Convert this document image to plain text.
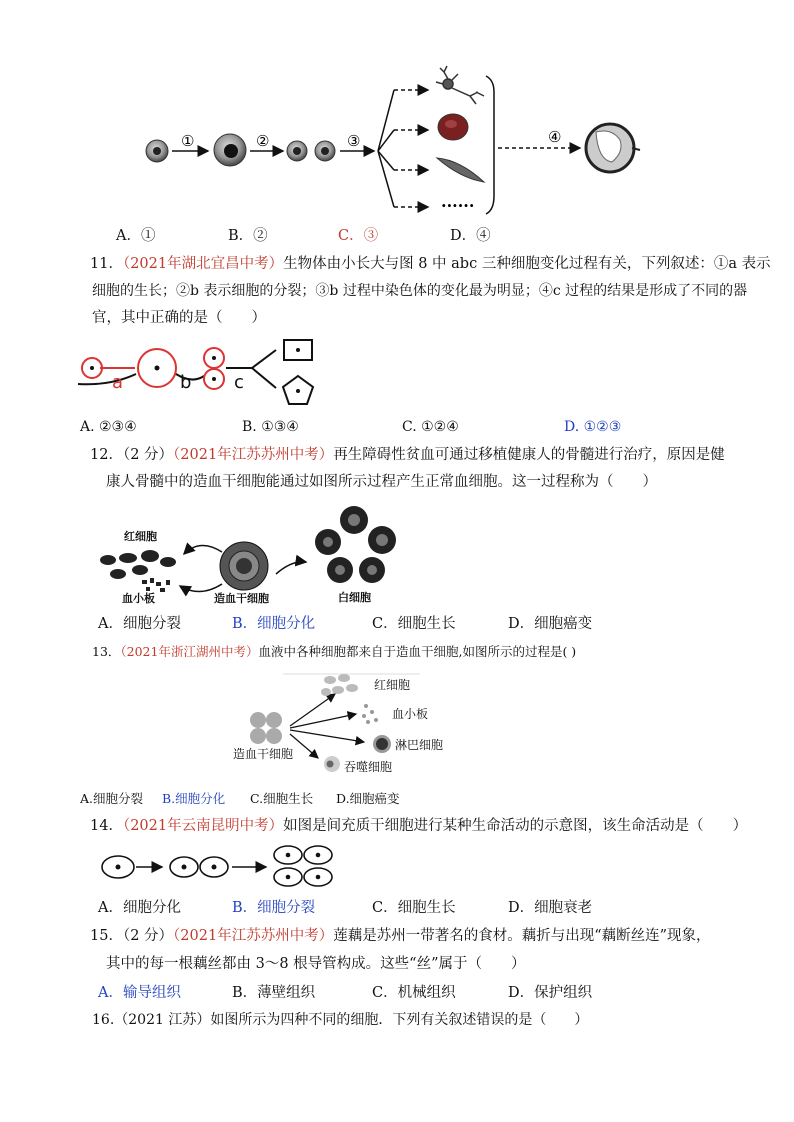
①	②	③
······
④
A．①	B．②	C．③	D．④
11．（2021年湖北宜昌中考）生物体由小长大与图 8 中 abc 三种细胞变化过程有关，下列叙述：①a 表示
细胞的生长；②b 表示细胞的分裂；③b 过程中染色体的变化最为明显；④c 过程的结果是形成了不同的器
官，其中正确的是（　　）
a	b c
A. ②③④	B. ①③④	C. ①②④	D. ①②③
12．（2 分）（2021年江苏苏州中考）再生障碍性贫血可通过移植健康人的骨髓进行治疗，原因是健
康人骨髓中的造血干细胞能通过如图所示过程产生正常血细胞。这一过程称为（　　）
红细胞
血小板	造血干细胞	白细胞
A．细胞分裂	B．细胞分化	C．细胞生长	D．细胞癌变
13．（2021年浙江湖州中考）血液中各种细胞都来自于造血干细胞,如图所示的过程是( )
造血干细胞
红细胞
血小板
淋巴细胞
吞噬细胞
A.细胞分裂 B.细胞分化 C.细胞生长 D.细胞癌变
14．（2021年云南昆明中考）如图是间充质干细胞进行某种生命活动的示意图，该生命活动是（　　）
A．细胞分化	B．细胞分裂	C．细胞生长	D．细胞衰老
15．（2 分）（2021年江苏苏州中考）莲藕是苏州一带著名的食材。藕折与出现“藕断丝连”现象，
其中的每一根藕丝都由 3～8 根导管构成。这些“丝”属于（　　）
A．输导组织	B．薄壁组织	C．机械组织	D．保护组织
16.（2021 江苏）如图所示为四种不同的细胞．下列有关叙述错误的是（　　）
